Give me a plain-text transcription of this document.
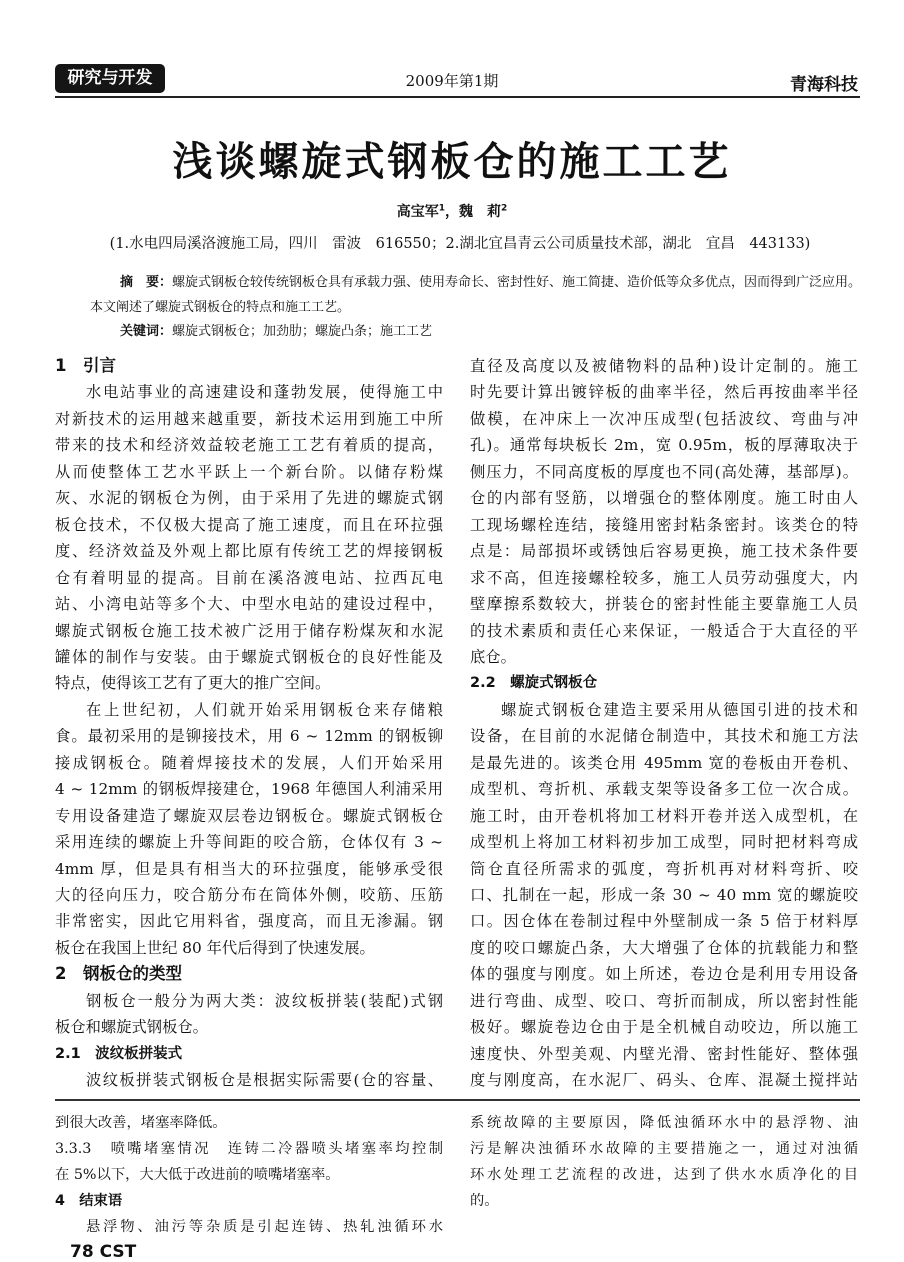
研究与开发	2009年第1期	青海科技
浅谈螺旋式钢板仓的施工工艺
高宝军$^1$，魏　莉$^2$
(1.水电四局溪洛渡施工局，四川　雷波　616550；2.湖北宜昌青云公司质量技术部，湖北　宜昌　443133)
摘　要：螺旋式钢板仓较传统钢板仓具有承载力强、使用寿命长、密封性好、施工简捷、造价低等众多优点，因而得到广泛应用。本文阐述了螺旋式钢板仓的特点和施工工艺。
关键词：螺旋式钢板仓；加劲肋；螺旋凸条；施工工艺
1　引言
水电站事业的高速建设和蓬勃发展，使得施工中
对新技术的运用越来越重要，新技术运用到施工中所
带来的技术和经济效益较老施工工艺有着质的提高，
从而使整体工艺水平跃上一个新台阶。以储存粉煤
灰、水泥的钢板仓为例，由于采用了先进的螺旋式钢
板仓技术，不仅极大提高了施工速度，而且在环拉强
度、经济效益及外观上都比原有传统工艺的焊接钢板
仓有着明显的提高。目前在溪洛渡电站、拉西瓦电
站、小湾电站等多个大、中型水电站的建设过程中，
螺旋式钢板仓施工技术被广泛用于储存粉煤灰和水泥
罐体的制作与安装。由于螺旋式钢板仓的良好性能及
特点，使得该工艺有了更大的推广空间。
在上世纪初，人们就开始采用钢板仓来存储粮
食。最初采用的是铆接技术，用 6 ~ 12mm 的钢板铆
接成钢板仓。随着焊接技术的发展，人们开始采用
4 ~ 12mm 的钢板焊接建仓，1968 年德国人利浦采用
专用设备建造了螺旋双层卷边钢板仓。螺旋式钢板仓
采用连续的螺旋上升等间距的咬合筋，仓体仅有 3 ~
4mm 厚，但是具有相当大的环拉强度，能够承受很
大的径向压力，咬合筋分布在筒体外侧，咬筋、压筋
非常密实，因此它用料省，强度高，而且无渗漏。钢
板仓在我国上世纪 80 年代后得到了快速发展。
2　钢板仓的类型
钢板仓一般分为两大类：波纹板拼装(装配)式钢
板仓和螺旋式钢板仓。
2.1　波纹板拼装式
波纹板拼装式钢板仓是根据实际需要(仓的容量、
直径及高度以及被储物料的品种)设计定制的。施工
时先要计算出镀锌板的曲率半径，然后再按曲率半径
做模，在冲床上一次冲压成型(包括波纹、弯曲与冲
孔)。通常每块板长 2m，宽 0.95m，板的厚薄取决于
侧压力，不同高度板的厚度也不同(高处薄，基部厚)。
仓的内部有竖筋，以增强仓的整体刚度。施工时由人
工现场螺栓连结，接缝用密封粘条密封。该类仓的特
点是：局部损坏或锈蚀后容易更换，施工技术条件要
求不高，但连接螺栓较多，施工人员劳动强度大，内
壁摩擦系数较大，拼装仓的密封性能主要靠施工人员
的技术素质和责任心来保证，一般适合于大直径的平
底仓。
2.2　螺旋式钢板仓
螺旋式钢板仓建造主要采用从德国引进的技术和
设备，在目前的水泥储仓制造中，其技术和施工方法
是最先进的。该类仓用 495mm 宽的卷板由开卷机、
成型机、弯折机、承载支架等设备多工位一次合成。
施工时，由开卷机将加工材料开卷并送入成型机，在
成型机上将加工材料初步加工成型，同时把材料弯成
筒仓直径所需求的弧度，弯折机再对材料弯折、咬
口、扎制在一起，形成一条 30 ~ 40 mm 宽的螺旋咬
口。因仓体在卷制过程中外壁制成一条 5 倍于材料厚
度的咬口螺旋凸条，大大增强了仓体的抗载能力和整
体的强度与刚度。如上所述，卷边仓是利用专用设备
进行弯曲、成型、咬口、弯折而制成，所以密封性能
极好。螺旋卷边仓由于是全机械自动咬边，所以施工
速度快、外型美观、内壁光滑、密封性能好、整体强
度与刚度高，在水泥厂、码头、仓库、混凝土搅拌站
到很大改善，堵塞率降低。
3.3.3　喷嘴堵塞情况　连铸二冷器喷头堵塞率均控制
在 5%以下，大大低于改进前的喷嘴堵塞率。
4　结束语
悬浮物、油污等杂质是引起连铸、热轧浊循环水
系统故障的主要原因，降低浊循环水中的悬浮物、油
污是解决浊循环水故障的主要措施之一，通过对浊循
环水处理工艺流程的改进，达到了供水水质净化的目
的。
78 CST
